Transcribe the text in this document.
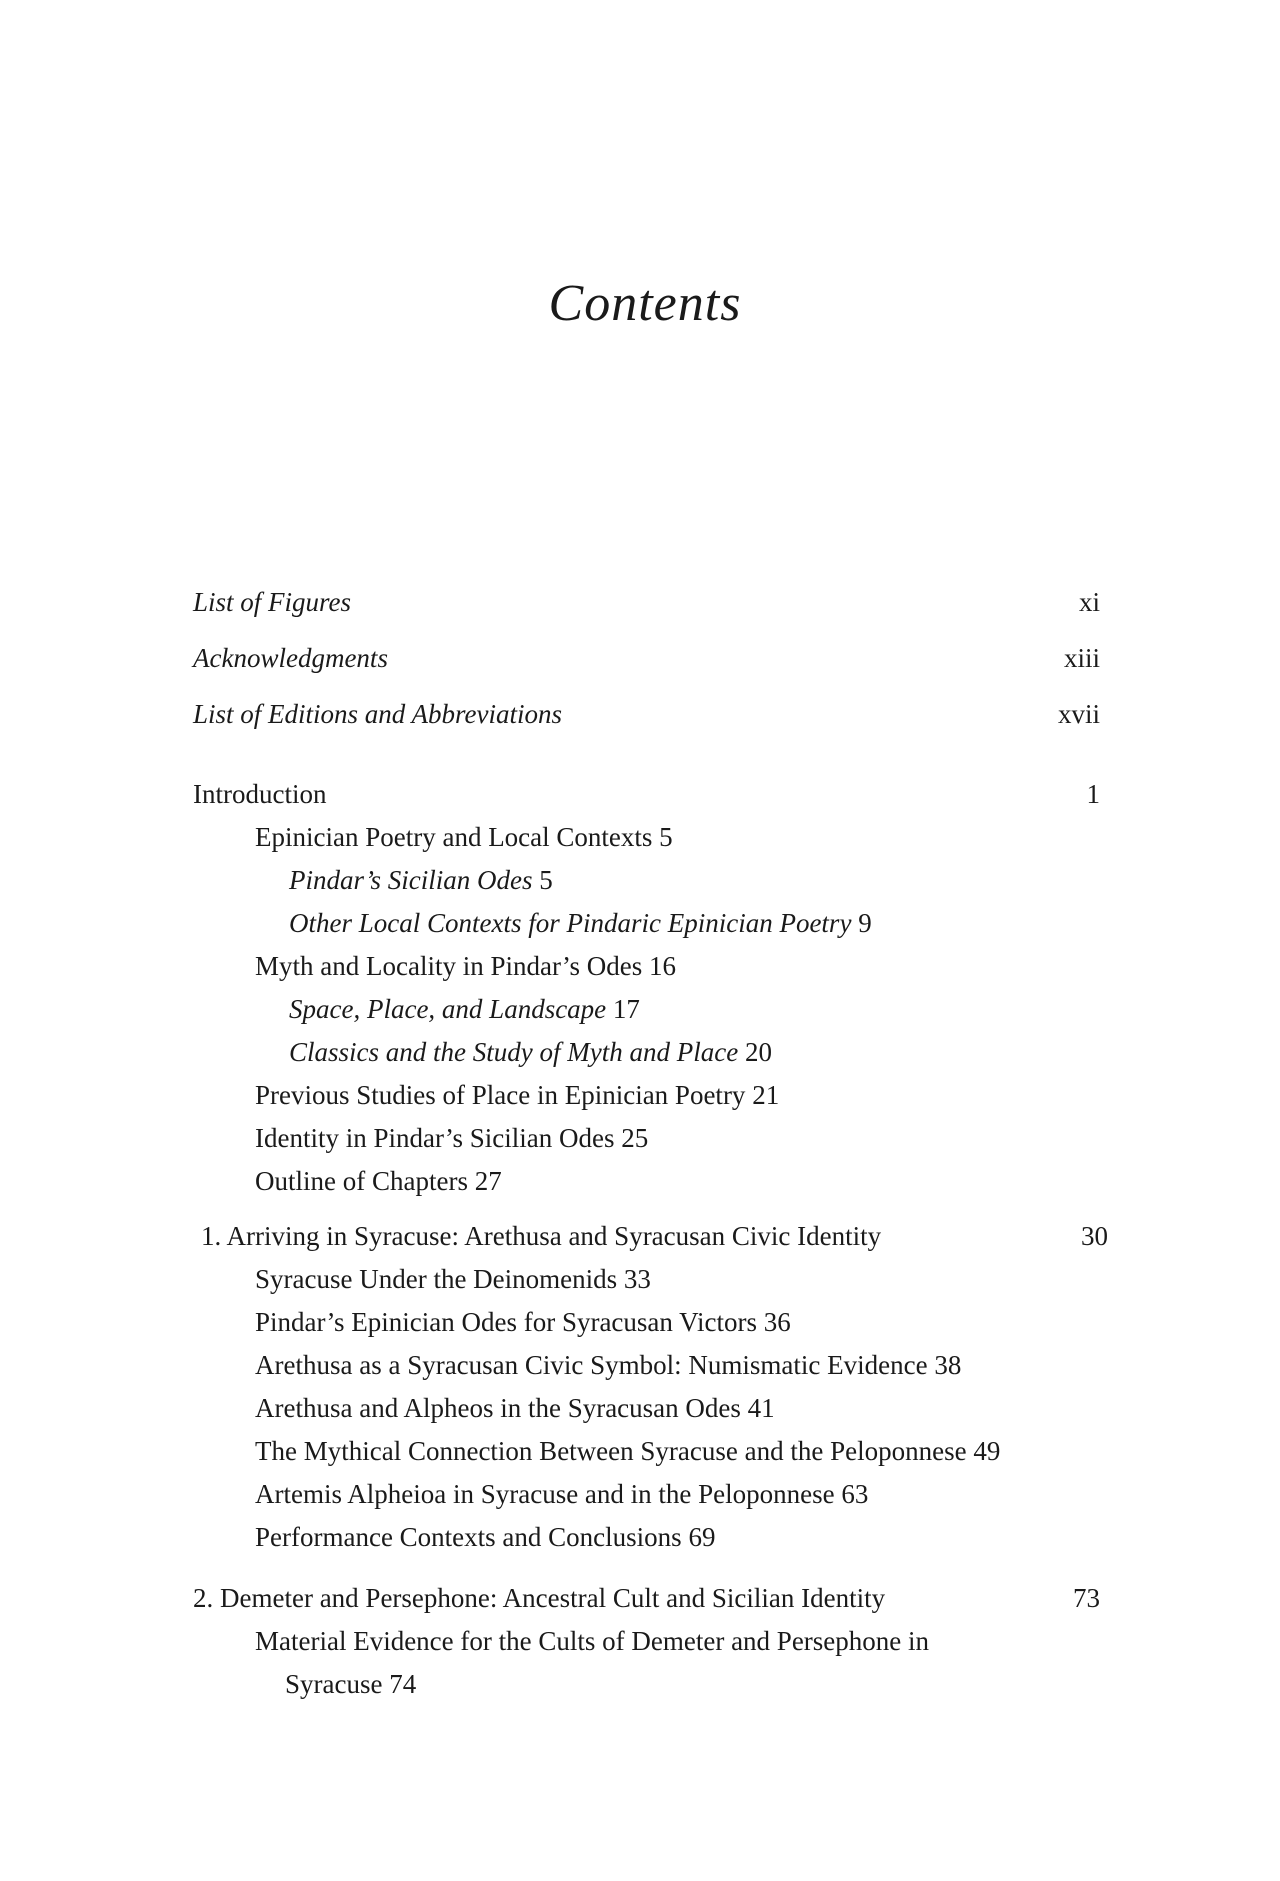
Contents
List of Figures	xi
Acknowledgments	xiii
List of Editions and Abbreviations	xvii
Introduction	1
Epinician Poetry and Local Contexts 5
Pindar’s Sicilian Odes 5
Other Local Contexts for Pindaric Epinician Poetry 9
Myth and Locality in Pindar’s Odes 16
Space, Place, and Landscape 17
Classics and the Study of Myth and Place 20
Previous Studies of Place in Epinician Poetry 21
Identity in Pindar’s Sicilian Odes 25
Outline of Chapters 27
1. Arriving in Syracuse: Arethusa and Syracusan Civic Identity	30
Syracuse Under the Deinomenids 33
Pindar’s Epinician Odes for Syracusan Victors 36
Arethusa as a Syracusan Civic Symbol: Numismatic Evidence 38
Arethusa and Alpheos in the Syracusan Odes 41
The Mythical Connection Between Syracuse and the Peloponnese 49
Artemis Alpheioa in Syracuse and in the Peloponnese 63
Performance Contexts and Conclusions 69
2. Demeter and Persephone: Ancestral Cult and Sicilian Identity	73
Material Evidence for the Cults of Demeter and Persephone in
Syracuse 74
